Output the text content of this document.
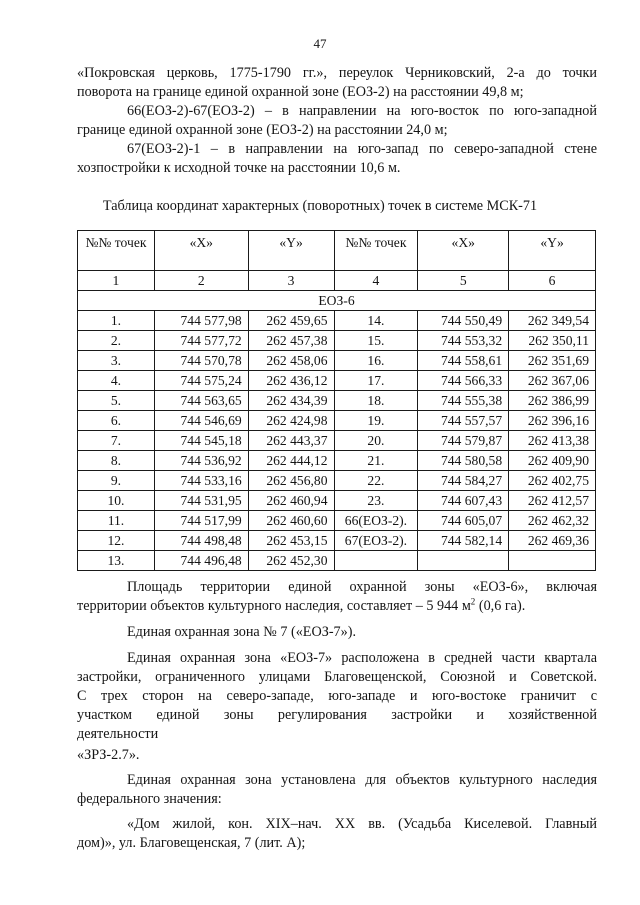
47
«Покровская церковь, 1775-1790 гг.», переулок Черниковский, 2-а до точки
поворота на границе единой охранной зоне (ЕОЗ-2) на расстоянии 49,8 м;
66(ЕОЗ-2)-67(ЕОЗ-2) – в направлении на юго-восток по юго-западной
границе единой охранной зоне (ЕОЗ-2) на расстоянии 24,0 м;
67(ЕОЗ-2)-1 – в направлении на юго-запад по северо-западной стене
хозпостройки к исходной точке на расстоянии 10,6 м.
Таблица координат характерных (поворотных) точек в системе МСК-71
№№ точек	«X»	«Y»	№№ точек	«X»	«Y»
1	2	3	4	5	6
ЕОЗ-6					
1.	744 577,98	262 459,65	14.	744 550,49	262 349,54
2.	744 577,72	262 457,38	15.	744 553,32	262 350,11
3.	744 570,78	262 458,06	16.	744 558,61	262 351,69
4.	744 575,24	262 436,12	17.	744 566,33	262 367,06
5.	744 563,65	262 434,39	18.	744 555,38	262 386,99
6.	744 546,69	262 424,98	19.	744 557,57	262 396,16
7.	744 545,18	262 443,37	20.	744 579,87	262 413,38
8.	744 536,92	262 444,12	21.	744 580,58	262 409,90
9.	744 533,16	262 456,80	22.	744 584,27	262 402,75
10.	744 531,95	262 460,94	23.	744 607,43	262 412,57
11.	744 517,99	262 460,60	66(ЕОЗ-2).	744 605,07	262 462,32
12.	744 498,48	262 453,15	67(ЕОЗ-2).	744 582,14	262 469,36
13.	744 496,48	262 452,30			
Площадь территории единой охранной зоны «ЕОЗ-6», включая
территории объектов культурного наследия, составляет – 5 944 $м^2$ (0,6 га).
Единая охранная зона № 7 («ЕОЗ-7»).
Единая охранная зона «ЕОЗ-7» расположена в средней части квартала
застройки, ограниченного улицами Благовещенской, Союзной и Советской.
С трех сторон на северо-западе, юго-западе и юго-востоке граничит с
участком единой зоны регулирования застройки и хозяйственной
деятельности
«ЗРЗ-2.7».
Единая охранная зона установлена для объектов культурного наследия
федерального значения:
«Дом жилой, кон. XIX–нач. XX вв. (Усадьба Киселевой. Главный
дом)», ул. Благовещенская, 7 (лит. А);
